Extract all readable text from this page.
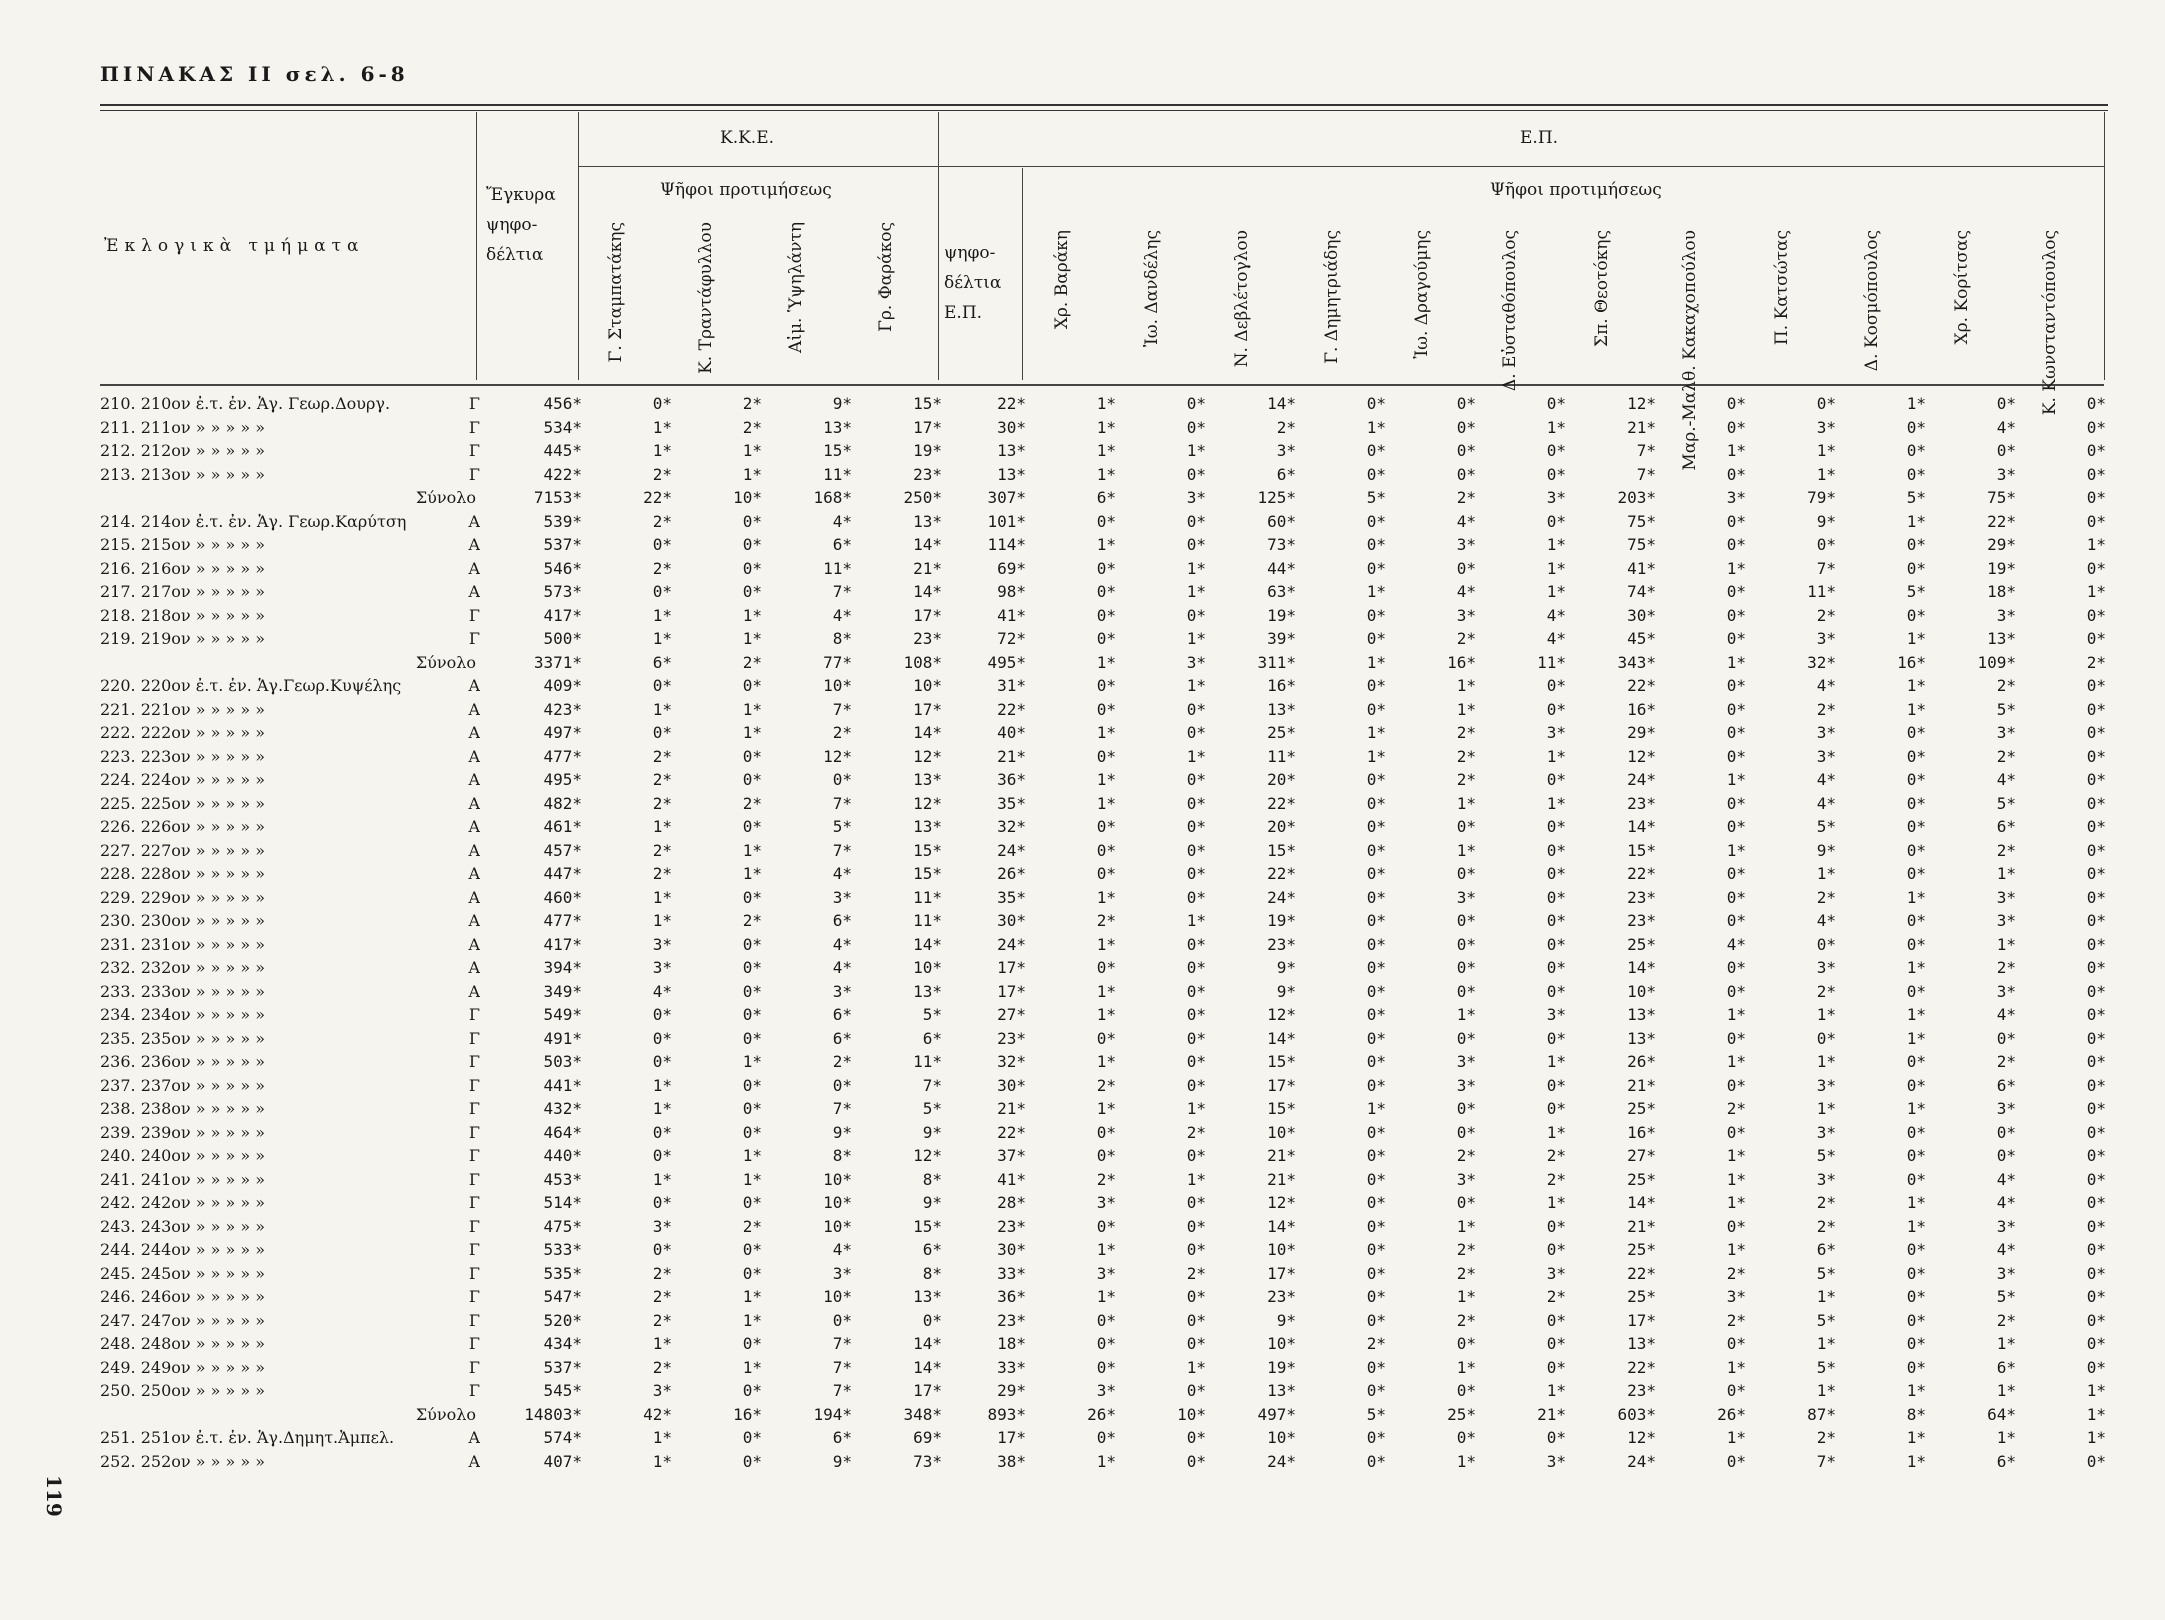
ΠΙΝΑΚΑΣ ΙΙ σελ. 6-8
Ἐκλογικὰ τμήματα
Ἔγκυρα ψηφο-δέλτια
Κ.Κ.Ε.
Ψῆφοι προτιμήσεως
Ε.Π.
Ψῆφοι προτιμήσεως
ψηφο-δέλτια Ε.Π.
Γ. Σταμπατάκης	Κ. Τραντάφυλλου	Αἰμ. Ὑψηλάντη	Γρ. Φαράκος	Χρ. Βαράκη	Ἰω. Δανδέλης	Ν. Δεβλέτογλου	Γ. Δημητριάδης	Ἰω. Δραγούμης	Δ. Εὐσταθόπουλος	Σπ. Θεοτόκης	Μαρ.-Μαλθ. Κακαχοπούλου	Π. Κατσώτας	Δ. Κοσμόπουλος	Χρ. Κορίτσας	Κ. Κωνσταντόπουλος
210. 210ον ἐ.τ. ἐν. Ἁγ. Γεωρ.Δουργ. Γ	456*	0*	2*	9*	15*	22*	1*	0*	14*	0*	0*	0*	12*	0*	0*	1*	0*	0*
211. 211ον » » » » » Γ	534*	1*	2*	13*	17*	30*	1*	0*	2*	1*	0*	1*	21*	0*	3*	0*	4*	0*
212. 212ον » » » » » Γ	445*	1*	1*	15*	19*	13*	1*	1*	3*	0*	0*	0*	7*	1*	1*	0*	0*	0*
213. 213ον » » » » » Γ	422*	2*	1*	11*	23*	13*	1*	0*	6*	0*	0*	0*	7*	0*	1*	0*	3*	0*
Σύνολο	7153*	22*	10*	168*	250*	307*	6*	3*	125*	5*	2*	3*	203*	3*	79*	5*	75*	0*
214. 214ον ἐ.τ. ἐν. Ἁγ. Γεωρ.Καρύτση Α	539*	2*	0*	4*	13*	101*	0*	0*	60*	0*	4*	0*	75*	0*	9*	1*	22*	0*
215. 215ον » » » » » Α	537*	0*	0*	6*	14*	114*	1*	0*	73*	0*	3*	1*	75*	0*	0*	0*	29*	1*
216. 216ον » » » » » Α	546*	2*	0*	11*	21*	69*	0*	1*	44*	0*	0*	1*	41*	1*	7*	0*	19*	0*
217. 217ον » » » » » Α	573*	0*	0*	7*	14*	98*	0*	1*	63*	1*	4*	1*	74*	0*	11*	5*	18*	1*
218. 218ον » » » » » Γ	417*	1*	1*	4*	17*	41*	0*	0*	19*	0*	3*	4*	30*	0*	2*	0*	3*	0*
219. 219ον » » » » » Γ	500*	1*	1*	8*	23*	72*	0*	1*	39*	0*	2*	4*	45*	0*	3*	1*	13*	0*
Σύνολο	3371*	6*	2*	77*	108*	495*	1*	3*	311*	1*	16*	11*	343*	1*	32*	16*	109*	2*
220. 220ον ἐ.τ. ἐν. Ἁγ.Γεωρ.Κυψέλης Α	409*	0*	0*	10*	10*	31*	0*	1*	16*	0*	1*	0*	22*	0*	4*	1*	2*	0*
221. 221ον » » » » » Α	423*	1*	1*	7*	17*	22*	0*	0*	13*	0*	1*	0*	16*	0*	2*	1*	5*	0*
222. 222ον » » » » » Α	497*	0*	1*	2*	14*	40*	1*	0*	25*	1*	2*	3*	29*	0*	3*	0*	3*	0*
223. 223ον » » » » » Α	477*	2*	0*	12*	12*	21*	0*	1*	11*	1*	2*	1*	12*	0*	3*	0*	2*	0*
224. 224ον » » » » » Α	495*	2*	0*	0*	13*	36*	1*	0*	20*	0*	2*	0*	24*	1*	4*	0*	4*	0*
225. 225ον » » » » » Α	482*	2*	2*	7*	12*	35*	1*	0*	22*	0*	1*	1*	23*	0*	4*	0*	5*	0*
226. 226ον » » » » » Α	461*	1*	0*	5*	13*	32*	0*	0*	20*	0*	0*	0*	14*	0*	5*	0*	6*	0*
227. 227ον » » » » » Α	457*	2*	1*	7*	15*	24*	0*	0*	15*	0*	1*	0*	15*	1*	9*	0*	2*	0*
228. 228ον » » » » » Α	447*	2*	1*	4*	15*	26*	0*	0*	22*	0*	0*	0*	22*	0*	1*	0*	1*	0*
229. 229ον » » » » » Α	460*	1*	0*	3*	11*	35*	1*	0*	24*	0*	3*	0*	23*	0*	2*	1*	3*	0*
230. 230ον » » » » » Α	477*	1*	2*	6*	11*	30*	2*	1*	19*	0*	0*	0*	23*	0*	4*	0*	3*	0*
231. 231ον » » » » » Α	417*	3*	0*	4*	14*	24*	1*	0*	23*	0*	0*	0*	25*	4*	0*	0*	1*	0*
232. 232ον » » » » » Α	394*	3*	0*	4*	10*	17*	0*	0*	9*	0*	0*	0*	14*	0*	3*	1*	2*	0*
233. 233ον » » » » » Α	349*	4*	0*	3*	13*	17*	1*	0*	9*	0*	0*	0*	10*	0*	2*	0*	3*	0*
234. 234ον » » » » » Γ	549*	0*	0*	6*	5*	27*	1*	0*	12*	0*	1*	3*	13*	1*	1*	1*	4*	0*
235. 235ον » » » » » Γ	491*	0*	0*	6*	6*	23*	0*	0*	14*	0*	0*	0*	13*	0*	0*	1*	0*	0*
236. 236ον » » » » » Γ	503*	0*	1*	2*	11*	32*	1*	0*	15*	0*	3*	1*	26*	1*	1*	0*	2*	0*
237. 237ον » » » » » Γ	441*	1*	0*	0*	7*	30*	2*	0*	17*	0*	3*	0*	21*	0*	3*	0*	6*	0*
238. 238ον » » » » » Γ	432*	1*	0*	7*	5*	21*	1*	1*	15*	1*	0*	0*	25*	2*	1*	1*	3*	0*
239. 239ον » » » » » Γ	464*	0*	0*	9*	9*	22*	0*	2*	10*	0*	0*	1*	16*	0*	3*	0*	0*	0*
240. 240ον » » » » » Γ	440*	0*	1*	8*	12*	37*	0*	0*	21*	0*	2*	2*	27*	1*	5*	0*	0*	0*
241. 241ον » » » » » Γ	453*	1*	1*	10*	8*	41*	2*	1*	21*	0*	3*	2*	25*	1*	3*	0*	4*	0*
242. 242ον » » » » » Γ	514*	0*	0*	10*	9*	28*	3*	0*	12*	0*	0*	1*	14*	1*	2*	1*	4*	0*
243. 243ον » » » » » Γ	475*	3*	2*	10*	15*	23*	0*	0*	14*	0*	1*	0*	21*	0*	2*	1*	3*	0*
244. 244ον » » » » » Γ	533*	0*	0*	4*	6*	30*	1*	0*	10*	0*	2*	0*	25*	1*	6*	0*	4*	0*
245. 245ον » » » » » Γ	535*	2*	0*	3*	8*	33*	3*	2*	17*	0*	2*	3*	22*	2*	5*	0*	3*	0*
246. 246ον » » » » » Γ	547*	2*	1*	10*	13*	36*	1*	0*	23*	0*	1*	2*	25*	3*	1*	0*	5*	0*
247. 247ον » » » » » Γ	520*	2*	1*	0*	0*	23*	0*	0*	9*	0*	2*	0*	17*	2*	5*	0*	2*	0*
248. 248ον » » » » » Γ	434*	1*	0*	7*	14*	18*	0*	0*	10*	2*	0*	0*	13*	0*	1*	0*	1*	0*
249. 249ον » » » » » Γ	537*	2*	1*	7*	14*	33*	0*	1*	19*	0*	1*	0*	22*	1*	5*	0*	6*	0*
250. 250ον » » » » » Γ	545*	3*	0*	7*	17*	29*	3*	0*	13*	0*	0*	1*	23*	0*	1*	1*	1*	1*
Σύνολο	14803*	42*	16*	194*	348*	893*	26*	10*	497*	5*	25*	21*	603*	26*	87*	8*	64*	1*
251. 251ον ἐ.τ. ἐν. Ἁγ.Δημητ.Ἀμπελ. Α	574*	1*	0*	6*	69*	17*	0*	0*	10*	0*	0*	0*	12*	1*	2*	1*	1*	1*
252. 252ον » » » » » Α	407*	1*	0*	9*	73*	38*	1*	0*	24*	0*	1*	3*	24*	0*	7*	1*	6*	0*
119
